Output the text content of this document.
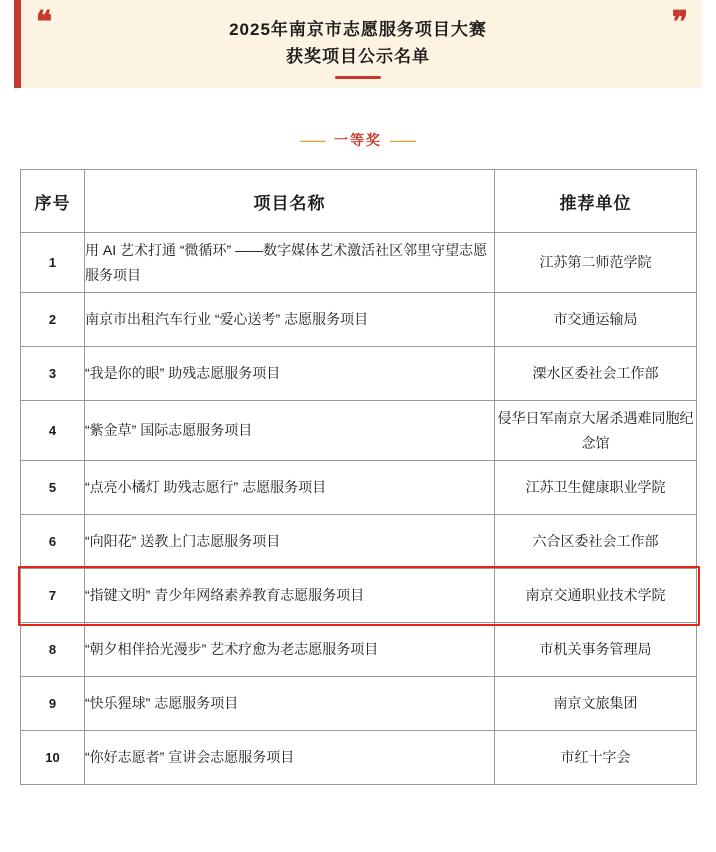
❝	❞
2025年南京市志愿服务项目大赛
获奖项目公示名单
—— 一等奖 ——
序号	项目名称	推荐单位
1	用 AI 艺术打通 “微循环” ——数字媒体艺术激活社区邻里守望志愿服务项目	江苏第二师范学院
2	南京市出租汽车行业 “爱心送考” 志愿服务项目	市交通运输局
3	“我是你的眼” 助残志愿服务项目	溧水区委社会工作部
4	“紫金草” 国际志愿服务项目	侵华日军南京大屠杀遇难同胞纪念馆
5	“点亮小橘灯 助残志愿行” 志愿服务项目	江苏卫生健康职业学院
6	“向阳花” 送教上门志愿服务项目	六合区委社会工作部
7	“指键文明” 青少年网络素养教育志愿服务项目	南京交通职业技术学院
8	“朝夕相伴拾光漫步” 艺术疗愈为老志愿服务项目	市机关事务管理局
9	“快乐猩球” 志愿服务项目	南京文旅集团
10	“你好志愿者” 宣讲会志愿服务项目	市红十字会
